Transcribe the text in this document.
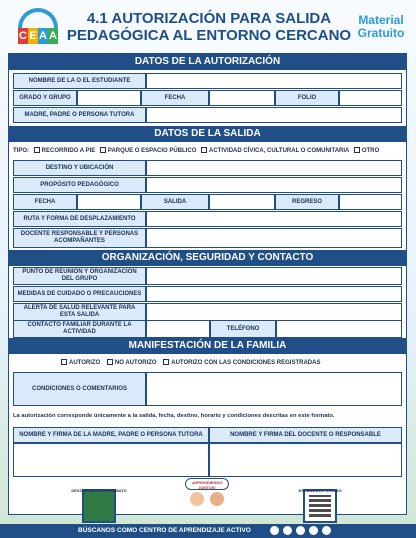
C E A A
4.1 AUTORIZACIÓN PARA SALIDA
PEDAGÓGICA AL ENTORNO CERCANO
Material
Gratuito
DATOS DE LA AUTORIZACIÓN
NOMBRE DE LA O EL ESTUDIANTE
GRADO Y GRUPO	FECHA	FOLIO
MADRE, PADRE O PERSONA TUTORA
DATOS DE LA SALIDA
TIPO: RECORRIDO A PIE PARQUE O ESPACIO PÚBLICO ACTIVIDAD CÍVICA, CULTURAL O COMUNITARIA OTRO
DESTINO Y UBICACIÓN
PROPÓSITO PEDAGÓGICO
FECHA	SALIDA	REGRESO
RUTA Y FORMA DE DESPLAZAMIENTO
DOCENTE RESPONSABLE Y PERSONAS ACOMPAÑANTES
ORGANIZACIÓN, SEGURIDAD Y CONTACTO
PUNTO DE REUNIÓN Y ORGANIZACIÓN DEL GRUPO
MEDIDAS DE CUIDADO O PRECAUCIONES
ALERTA DE SALUD RELEVANTE PARA ESTA SALIDA
CONTACTO FAMILIAR DURANTE LA ACTIVIDAD
TELÉFONO
MANIFESTACIÓN DE LA FAMILIA
AUTORIZO NO AUTORIZO AUTORIZO CON LAS CONDICIONES REGISTRADAS
CONDICIONES O COMENTARIOS
La autorización corresponde únicamente a la salida, fecha, destino, horario y condiciones descritas en este formato.
NOMBRE Y FIRMA DE LA MADRE, PADRE O PERSONA TUTORA	NOMBRE Y FIRMA DEL DOCENTE O RESPONSABLE
DESCARGA ESTE FORMATO
¡APRENDIENDO JUNTOS!
ESCANEA EL CÓDIGO
BÚSCANOS COMO CENTRO DE APRENDIZAJE ACTIVO
